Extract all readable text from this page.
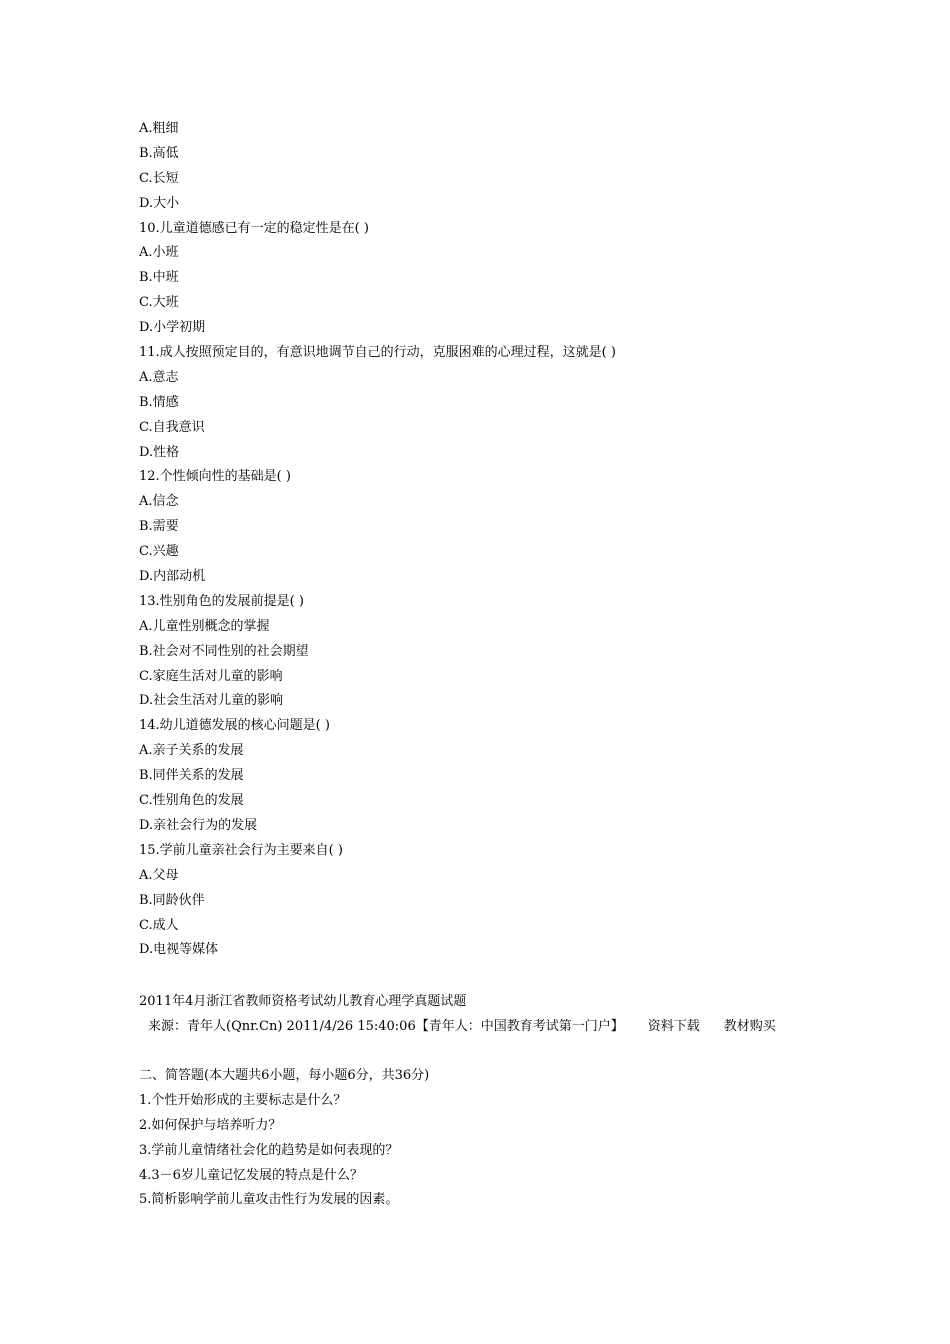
A.粗细
B.高低
C.长短
D.大小
10.儿童道德感已有一定的稳定性是在( )
A.小班
B.中班
C.大班
D.小学初期
11.成人按照预定目的，有意识地调节自己的行动，克服困难的心理过程，这就是( )
A.意志
B.情感
C.自我意识
D.性格
12.个性倾向性的基础是( )
A.信念
B.需要
C.兴趣
D.内部动机
13.性别角色的发展前提是( )
A.儿童性别概念的掌握
B.社会对不同性别的社会期望
C.家庭生活对儿童的影响
D.社会生活对儿童的影响
14.幼儿道德发展的核心问题是( )
A.亲子关系的发展
B.同伴关系的发展
C.性别角色的发展
D.亲社会行为的发展
15.学前儿童亲社会行为主要来自( )
A.父母
B.同龄伙伴
C.成人
D.电视等媒体
2011年4月浙江省教师资格考试幼儿教育心理学真题试题
来源：青年人(Qnr.Cn) 2011/4/26 15:40:06【青年人：中国教育考试第一门户】 资料下载 教材购买
二、简答题(本大题共6小题，每小题6分，共36分)
1.个性开始形成的主要标志是什么？
2.如何保护与培养听力？
3.学前儿童情绪社会化的趋势是如何表现的？
4.3－6岁儿童记忆发展的特点是什么？
5.简析影响学前儿童攻击性行为发展的因素。
